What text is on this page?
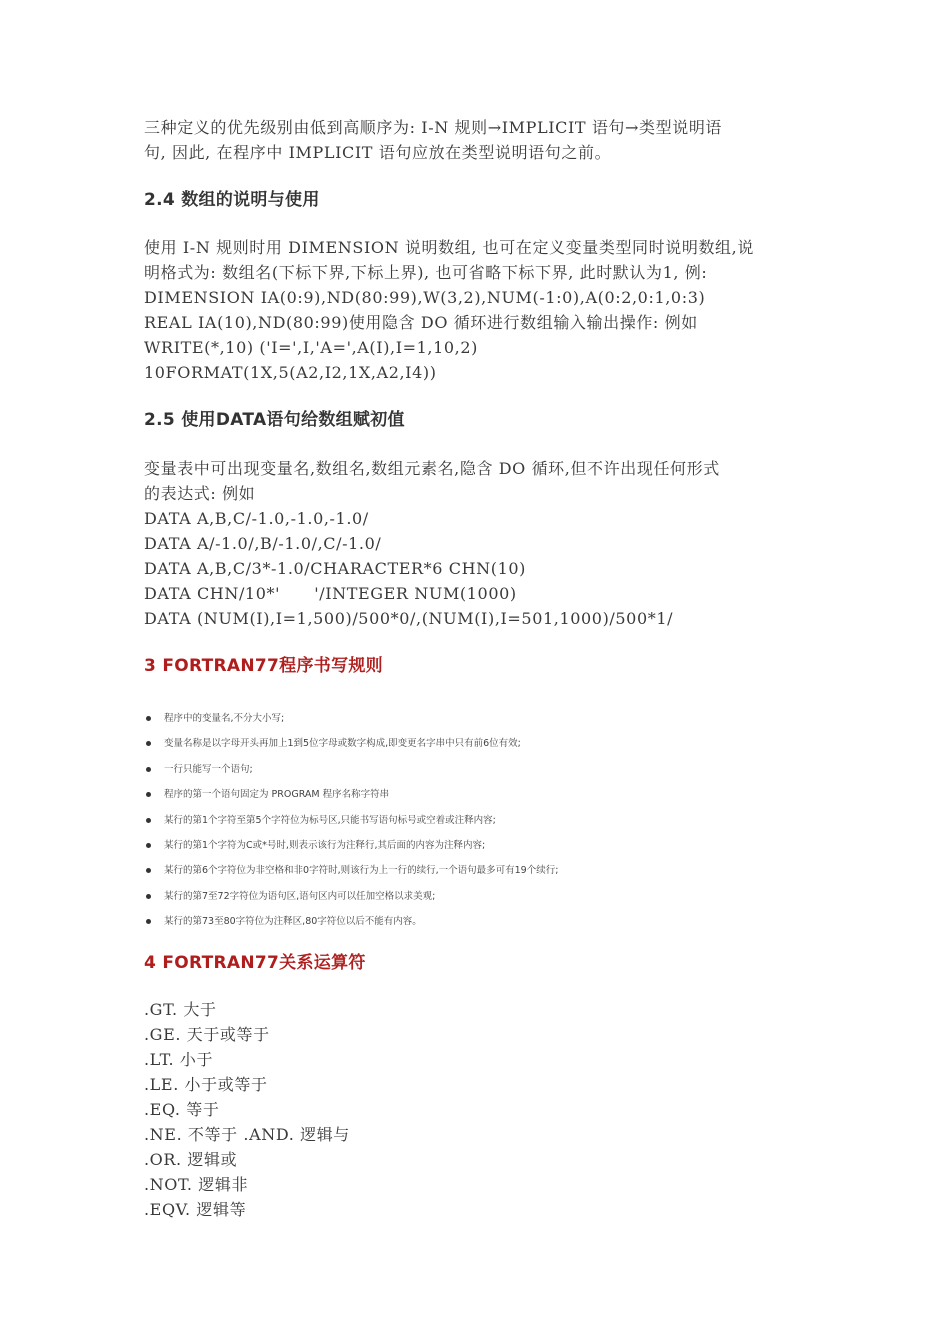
三种定义的优先级别由低到高顺序为: I-N 规则→IMPLICIT 语句→类型说明语
句, 因此, 在程序中 IMPLICIT 语句应放在类型说明语句之前。
2.4 数组的说明与使用
使用 I-N 规则时用 DIMENSION 说明数组, 也可在定义变量类型同时说明数组,说
明格式为: 数组名(下标下界,下标上界), 也可省略下标下界, 此时默认为1, 例:
DIMENSION IA(0:9),ND(80:99),W(3,2),NUM(-1:0),A(0:2,0:1,0:3)
REAL IA(10),ND(80:99)使用隐含 DO 循环进行数组输入输出操作: 例如
WRITE(*,10) ('I=',I,'A=',A(I),I=1,10,2)
10FORMAT(1X,5(A2,I2,1X,A2,I4))
2.5 使用DATA语句给数组赋初值
变量表中可出现变量名,数组名,数组元素名,隐含 DO 循环,但不许出现任何形式
的表达式: 例如
DATA A,B,C/-1.0,-1.0,-1.0/
DATA A/-1.0/,B/-1.0/,C/-1.0/
DATA A,B,C/3*-1.0/CHARACTER*6 CHN(10)
DATA CHN/10*'      '/INTEGER NUM(1000)
DATA (NUM(I),I=1,500)/500*0/,(NUM(I),I=501,1000)/500*1/
3 FORTRAN77程序书写规则
程序中的变量名,不分大小写;
变量名称是以字母开头再加上1到5位字母或数字构成,即变更名字串中只有前6位有效;
一行只能写一个语句;
程序的第一个语句固定为 PROGRAM 程序名称字符串
某行的第1个字符至第5个字符位为标号区,只能书写语句标号或空着或注释内容;
某行的第1个字符为C或*号时,则表示该行为注释行,其后面的内容为注释内容;
某行的第6个字符位为非空格和非0字符时,则该行为上一行的续行,一个语句最多可有19个续行;
某行的第7至72字符位为语句区,语句区内可以任加空格以求美观;
某行的第73至80字符位为注释区,80字符位以后不能有内容。
4 FORTRAN77关系运算符
.GT. 大于
.GE. 天于或等于
.LT. 小于
.LE. 小于或等于
.EQ. 等于
.NE. 不等于 .AND. 逻辑与
.OR. 逻辑或
.NOT. 逻辑非
.EQV. 逻辑等
